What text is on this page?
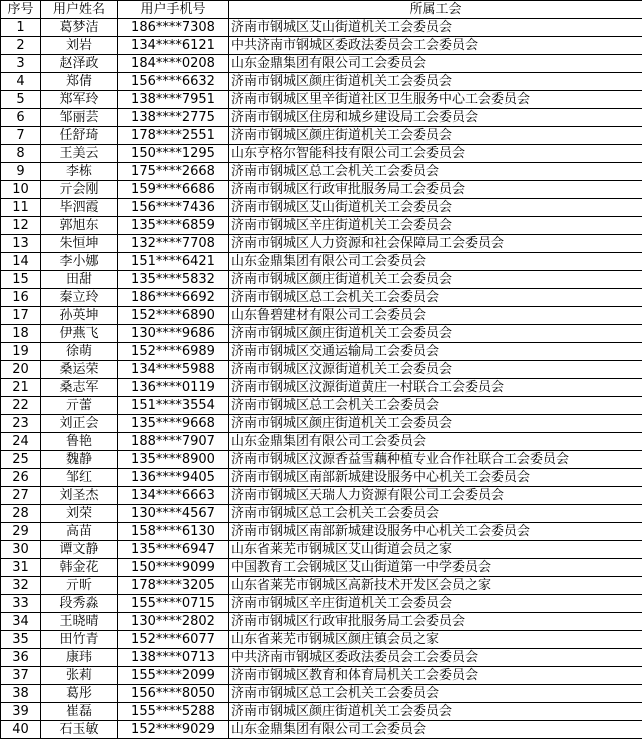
序号	用户姓名	用户手机号	所属工会
1	葛梦洁	186****7308	济南市钢城区艾山街道机关工会委员会
2	刘岩	134****6121	中共济南市钢城区委政法委员会工会委员会
3	赵泽政	184****0208	山东金鼎集团有限公司工会委员会
4	郑倩	156****6632	济南市钢城区颜庄街道机关工会委员会
5	郑军玲	138****7951	济南市钢城区里辛街道社区卫生服务中心工会委员会
6	邹丽芸	138****2775	济南市钢城区住房和城乡建设局工会委员会
7	任舒琦	178****2551	济南市钢城区颜庄街道机关工会委员会
8	王美云	150****1295	山东亨格尔智能科技有限公司工会委员会
9	李栋	175****2668	济南市钢城区总工会机关工会委员会
10	亓会刚	159****6686	济南市钢城区行政审批服务局工会委员会
11	毕泗霞	156****7436	济南市钢城区艾山街道机关工会委员会
12	郭旭东	135****6859	济南市钢城区辛庄街道机关工会委员会
13	朱恒坤	132****7708	济南市钢城区人力资源和社会保障局工会委员会
14	李小娜	151****6421	山东金鼎集团有限公司工会委员会
15	田甜	135****5832	济南市钢城区颜庄街道机关工会委员会
16	秦立玲	186****6692	济南市钢城区总工会机关工会委员会
17	孙英坤	152****6890	山东鲁碧建材有限公司工会委员会
18	伊燕飞	130****9686	济南市钢城区颜庄街道机关工会委员会
19	徐萌	152****6989	济南市钢城区交通运输局工会委员会
20	桑运荣	134****5988	济南市钢城区汶源街道机关工会委员会
21	桑志军	136****0119	济南市钢城区汶源街道黄庄一村联合工会委员会
22	亓蕾	151****3554	济南市钢城区总工会机关工会委员会
23	刘正会	135****9668	济南市钢城区颜庄街道机关工会委员会
24	鲁艳	188****7907	山东金鼎集团有限公司工会委员会
25	魏静	135****8900	济南市钢城区汶源香益雪藕种植专业合作社联合工会委员会
26	邹红	136****9405	济南市钢城区南部新城建设服务中心机关工会委员会
27	刘圣杰	134****6663	济南市钢城区天瑞人力资源有限公司工会委员会
28	刘荣	130****4567	济南市钢城区总工会机关工会委员会
29	高苗	158****6130	济南市钢城区南部新城建设服务中心机关工会委员会
30	谭文静	135****6947	山东省莱芜市钢城区艾山街道会员之家
31	韩金花	150****9099	中国教育工会钢城区艾山街道第一中学委员会
32	亓昕	178****3205	山东省莱芜市钢城区高新技术开发区会员之家
33	段秀淼	155****0715	济南市钢城区辛庄街道机关工会委员会
34	王晓晴	130****2802	济南市钢城区行政审批服务局工会委员会
35	田竹青	152****6077	山东省莱芜市钢城区颜庄镇会员之家
36	康玮	138****0713	中共济南市钢城区委政法委员会工会委员会
37	张莉	155****2099	济南市钢城区教育和体育局机关工会委员会
38	葛彤	156****8050	济南市钢城区总工会机关工会委员会
39	崔磊	155****5288	济南市钢城区颜庄街道机关工会委员会
40	石玉敏	152****9029	山东金鼎集团有限公司工会委员会
